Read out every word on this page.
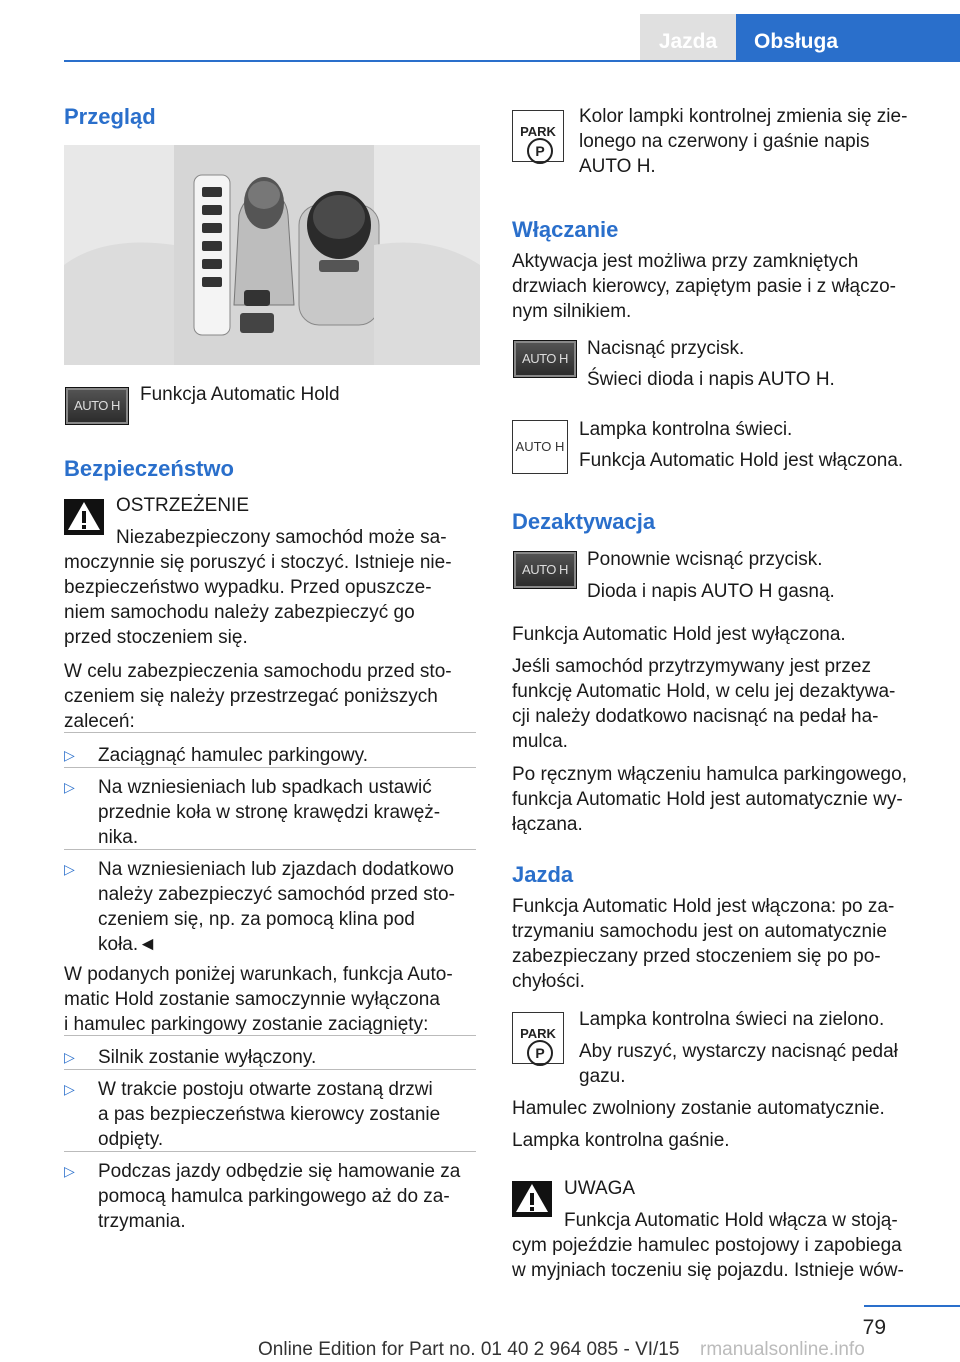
Jazda	Obsługa
Przegląd
AUTO H
Funkcja Automatic Hold
Bezpieczeństwo
OSTRZEŻENIE
Niezabezpieczony samochód może sa-
moczynnie się poruszyć i stoczyć. Istnieje nie-
bezpieczeństwo wypadku. Przed opuszcze-
niem samochodu należy zabezpieczyć go
przed stoczeniem się.
W celu zabezpieczenia samochodu przed sto-
czeniem się należy przestrzegać poniższych
zaleceń:
▷ Zaciągnąć hamulec parkingowy.
▷ Na wzniesieniach lub spadkach ustawić
przednie koła w stronę krawędzi krawęż-
nika.
▷ Na wzniesieniach lub zjazdach dodatkowo
należy zabezpieczyć samochód przed sto-
czeniem się, np. za pomocą klina pod
koła.◄
W podanych poniżej warunkach, funkcja Auto-
matic Hold zostanie samoczynnie wyłączona
i hamulec parkingowy zostanie zaciągnięty:
▷ Silnik zostanie wyłączony.
▷ W trakcie postoju otwarte zostaną drzwi
a pas bezpieczeństwa kierowcy zostanie
odpięty.
▷ Podczas jazdy odbędzie się hamowanie za
pomocą hamulca parkingowego aż do za-
trzymania.
PARK
P
Kolor lampki kontrolnej zmienia się zie-
lonego na czerwony i gaśnie napis
AUTO H.
Włączanie
Aktywacja jest możliwa przy zamkniętych
drzwiach kierowcy, zapiętym pasie i z włączo-
nym silnikiem.
AUTO H	Nacisnąć przycisk.
Świeci dioda i napis AUTO H.
AUTO H
Lampka kontrolna świeci.
Funkcja Automatic Hold jest włączona.
Dezaktywacja
AUTO H	Ponownie wcisnąć przycisk.
Dioda i napis AUTO H gasną.
Funkcja Automatic Hold jest wyłączona.
Jeśli samochód przytrzymywany jest przez
funkcję Automatic Hold, w celu jej dezaktywa-
cji należy dodatkowo nacisnąć na pedał ha-
mulca.
Po ręcznym włączeniu hamulca parkingowego,
funkcja Automatic Hold jest automatycznie wy-
łączana.
Jazda
Funkcja Automatic Hold jest włączona: po za-
trzymaniu samochodu jest on automatycznie
zabezpieczany przed stoczeniem się po po-
chyłości.
PARK
P
Lampka kontrolna świeci na zielono.
Aby ruszyć, wystarczy nacisnąć pedał
gazu.
Hamulec zwolniony zostanie automatycznie.
Lampka kontrolna gaśnie.
UWAGA
Funkcja Automatic Hold włącza w stoją-
cym pojeździe hamulec postojowy i zapobiega
w myjniach toczeniu się pojazdu. Istnieje wów-
79
Online Edition for Part no. 01 40 2 964 085 - VI/15 rmanualsonline.info
